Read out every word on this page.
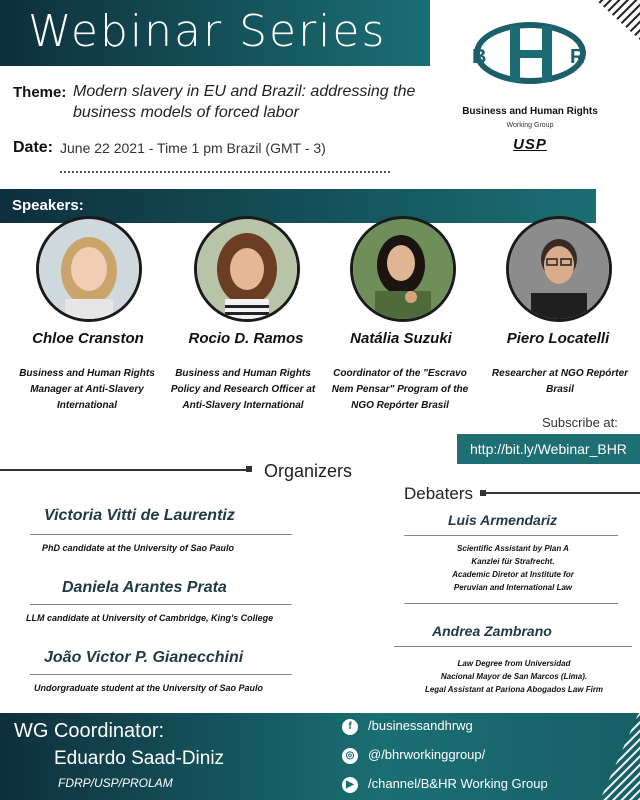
Webinar Series
Theme: Modern slavery in EU and Brazil: addressing the business models of forced labor
Date: June 22 2021 - Time 1 pm Brazil (GMT - 3)
B	R
Business and Human Rights
Working Group
USP
Speakers:
Chloe Cranston
Business and Human Rights Manager at Anti-Slavery International
Rocio D. Ramos
Business and Human Rights Policy and Research Officer at Anti-Slavery International
Natália Suzuki
Coordinator of the "Escravo Nem Pensar" Program of the NGO Repórter Brasil
Piero Locatelli
Researcher at NGO Repórter Brasil
Subscribe at:
http://bit.ly/Webinar_BHR
Organizers
Victoria Vitti de Laurentiz
PhD candidate at the University of Sao Paulo
Daniela Arantes Prata
LLM candidate at University of Cambridge, King's College
João Victor P. Gianecchini
Undorgraduate student at the University of Sao Paulo
Debaters
Luis Armendariz
Scientific Assistant by Plan A
Kanzlei für Strafrecht.
Academic Diretor at Institute for
Peruvian and International Law
Andrea Zambrano
Law Degree from Universidad
Nacional Mayor de San Marcos (Lima).
Legal Assistant at Pariona Abogados Law Firm
WG Coordinator:
Eduardo Saad-Diniz
FDRP/USP/PROLAM
f	/businessandhrwg
◎ @/bhrworkinggroup/
▶	/channel/B&HR Working Group
